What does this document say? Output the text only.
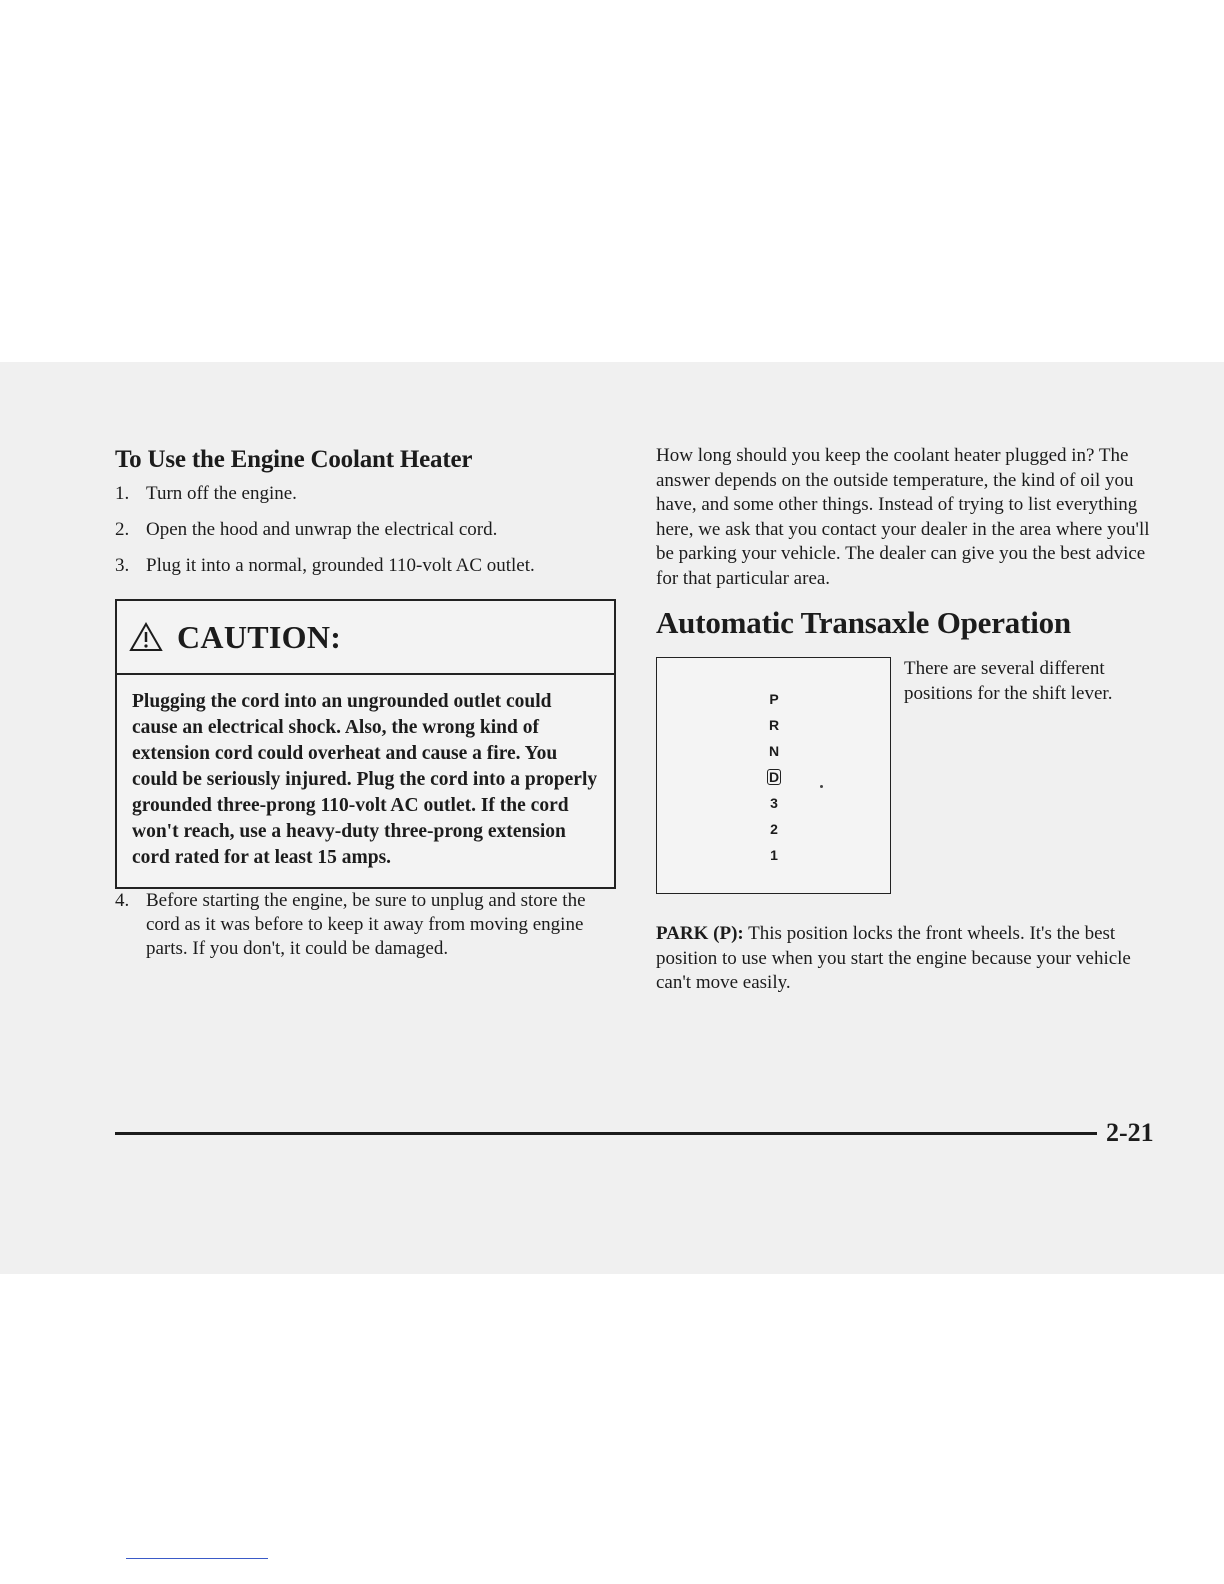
To Use the Engine Coolant Heater
1. Turn off the engine.
2. Open the hood and unwrap the electrical cord.
3. Plug it into a normal, grounded 110-volt AC outlet.
CAUTION:
Plugging the cord into an ungrounded outlet could cause an electrical shock. Also, the wrong kind of extension cord could overheat and cause a fire. You could be seriously injured. Plug the cord into a properly grounded three-prong 110-volt AC outlet. If the cord won't reach, use a heavy-duty three-prong extension cord rated for at least 15 amps.
4. Before starting the engine, be sure to unplug and store the cord as it was before to keep it away from moving engine parts. If you don't, it could be damaged.

How long should you keep the coolant heater plugged in? The answer depends on the outside temperature, the kind of oil you have, and some other things. Instead of trying to list everything here, we ask that you contact your dealer in the area where you'll be parking your vehicle. The dealer can give you the best advice for that particular area.

Automatic Transaxle Operation
P
R
N
D
3
2
1
There are several different positions for the shift lever.

PARK (P): This position locks the front wheels. It's the best position to use when you start the engine because your vehicle can't move easily.

2-21
